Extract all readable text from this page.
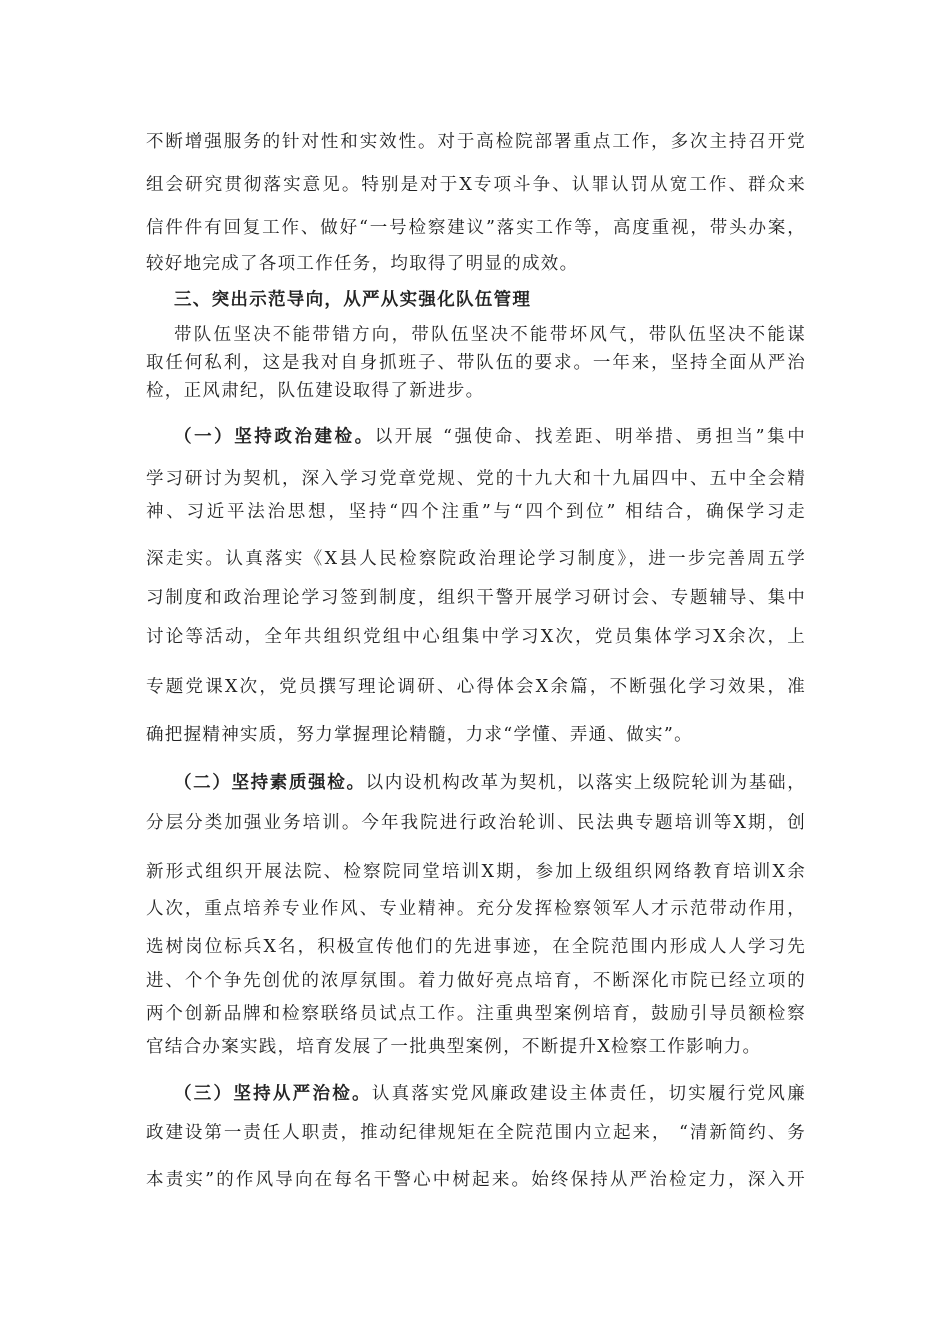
不断增强服务的针对性和实效性。对于高检院部署重点工作，多次主持召开党
组会研究贯彻落实意见。特别是对于X专项斗争、认罪认罚从宽工作、群众来
信件件有回复工作、做好“一号检察建议”落实工作等，高度重视，带头办案，
较好地完成了各项工作任务，均取得了明显的成效。
三、突出示范导向，从严从实强化队伍管理
带队伍坚决不能带错方向，带队伍坚决不能带坏风气，带队伍坚决不能谋
取任何私利，这是我对自身抓班子、带队伍的要求。一年来，坚持全面从严治
检，正风肃纪，队伍建设取得了新进步。
（一）坚持政治建检。以开展 “强使命、找差距、明举措、勇担当”集中
学习研讨为契机，深入学习党章党规、党的十九大和十九届四中、五中全会精
神、习近平法治思想，坚持“四个注重”与“四个到位” 相结合，确保学习走
深走实。认真落实《X县人民检察院政治理论学习制度》，进一步完善周五学
习制度和政治理论学习签到制度，组织干警开展学习研讨会、专题辅导、集中
讨论等活动，全年共组织党组中心组集中学习X次，党员集体学习X余次，上
专题党课X次，党员撰写理论调研、心得体会X余篇，不断强化学习效果，准
确把握精神实质，努力掌握理论精髓，力求“学懂、弄通、做实”。
（二）坚持素质强检。以内设机构改革为契机，以落实上级院轮训为基础，
分层分类加强业务培训。今年我院进行政治轮训、民法典专题培训等X期，创
新形式组织开展法院、检察院同堂培训X期，参加上级组织网络教育培训X余
人次，重点培养专业作风、专业精神。充分发挥检察领军人才示范带动作用，
选树岗位标兵X名，积极宣传他们的先进事迹，在全院范围内形成人人学习先
进、个个争先创优的浓厚氛围。着力做好亮点培育，不断深化市院已经立项的
两个创新品牌和检察联络员试点工作。注重典型案例培育，鼓励引导员额检察
官结合办案实践，培育发展了一批典型案例，不断提升X检察工作影响力。
（三）坚持从严治检。认真落实党风廉政建设主体责任，切实履行党风廉
政建设第一责任人职责，推动纪律规矩在全院范围内立起来， “清新简约、务
本责实”的作风导向在每名干警心中树起来。始终保持从严治检定力，深入开
